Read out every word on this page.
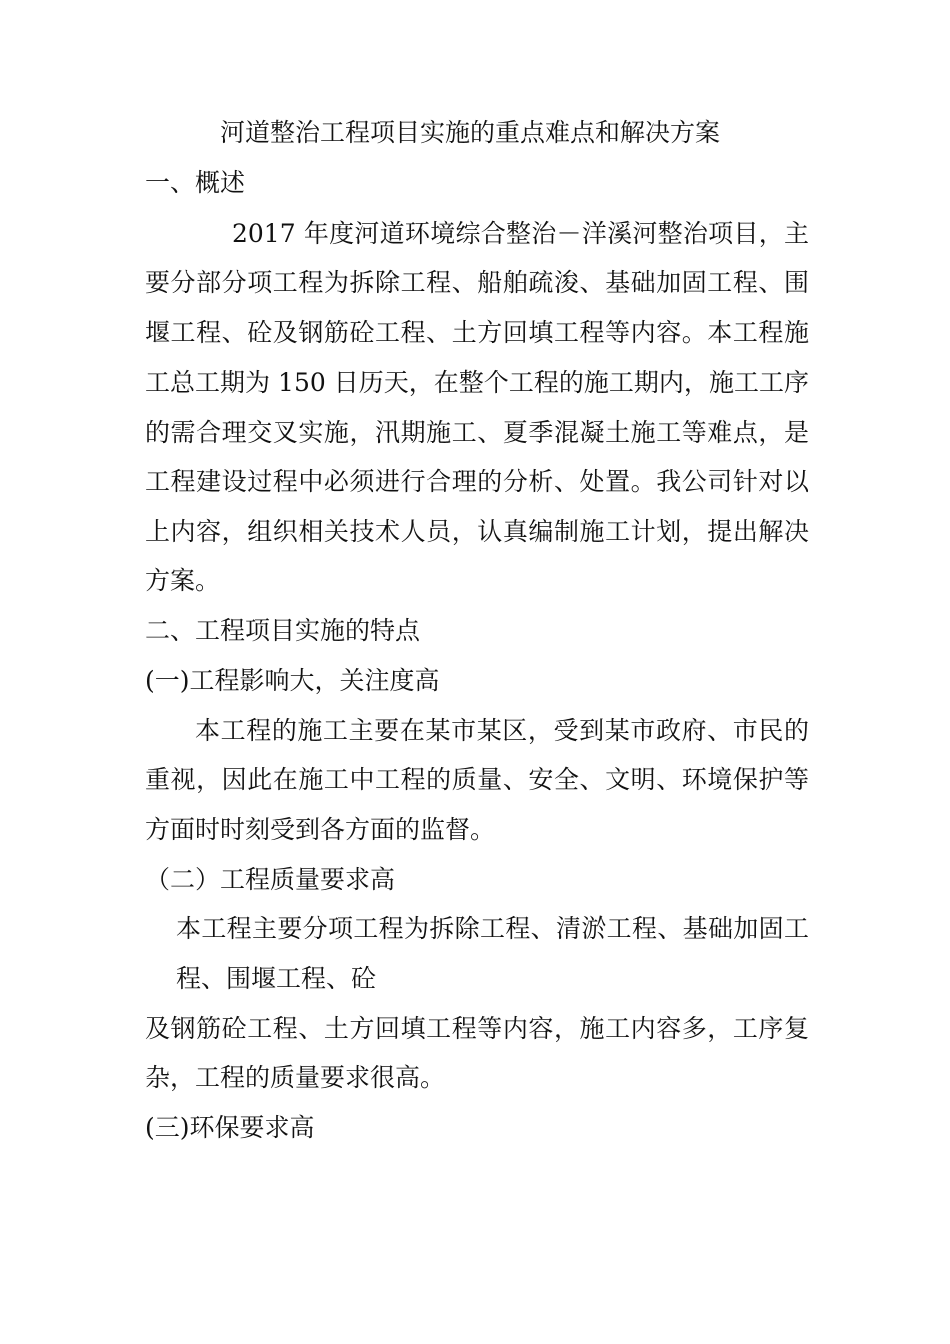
河道整治工程项目实施的重点难点和解决方案
一、概述
2017 年度河道环境综合整治－洋溪河整治项目，主
要分部分项工程为拆除工程、船舶疏浚、基础加固工程、围
堰工程、砼及钢筋砼工程、土方回填工程等内容。本工程施
工总工期为 150 日历天，在整个工程的施工期内，施工工序
的需合理交叉实施，汛期施工、夏季混凝土施工等难点，是
工程建设过程中必须进行合理的分析、处置。我公司针对以
上内容，组织相关技术人员，认真编制施工计划，提出解决
方案。
二、工程项目实施的特点
(一)工程影响大，关注度高
本工程的施工主要在某市某区，受到某市政府、市民的
重视，因此在施工中工程的质量、安全、文明、环境保护等
方面时时刻受到各方面的监督。
（二）工程质量要求高
本工程主要分项工程为拆除工程、清淤工程、基础加固工
程、围堰工程、砼
及钢筋砼工程、土方回填工程等内容，施工内容多，工序复
杂，工程的质量要求很高。
(三)环保要求高
